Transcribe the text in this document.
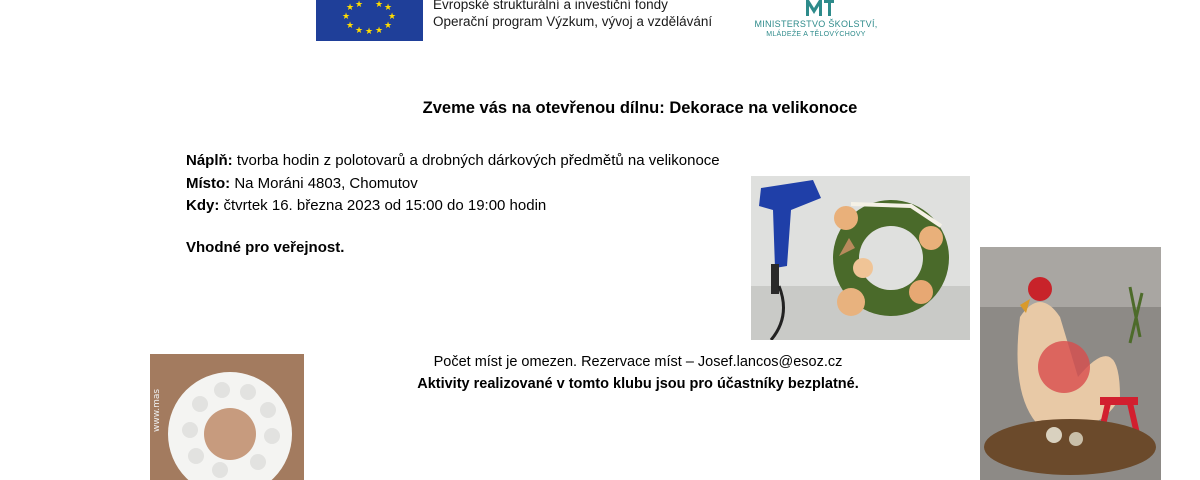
★ ★ ★ ★
★	★
★	★
★ ★ ★
Evropské strukturální a investiční fondy
Operační program Výzkum, vývoj a vzdělávání	MINISTERSTVO ŠKOLSTVÍ,
MLÁDEŽE A TĚLOVÝCHOVY
Zveme vás na otevřenou dílnu: Dekorace na velikonoce
Náplň: tvorba hodin z polotovarů a drobných dárkových předmětů na velikonoce
Místo: Na Moráni 4803, Chomutov
Kdy: čtvrtek 16. března 2023 od 15:00 do 19:00 hodin
Vhodné pro veřejnost.
www.mas
Počet míst je omezen. Rezervace míst – Josef.lancos@esoz.cz
Aktivity realizované v tomto klubu jsou pro účastníky bezplatné.
